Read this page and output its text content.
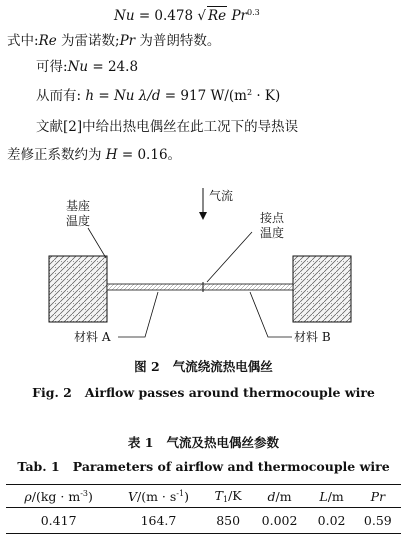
Nu = 0.478 √ Re $Pr^{0.3}$
式中:Re 为雷诺数;Pr 为普朗特数。
可得:Nu = 24.8
从而有: h = Nu λ/d = 917 $W/(m^2 \cdot K)$
文献[2]中给出热电偶丝在此工况下的导热误
差修正系数约为 H = 0.16。
基座
温度
气流
接点
温度
材料 A	材料 B
图 2 气流绕流热电偶丝
Fig. 2 Airflow passes around thermocouple wire
表 1 气流及热电偶丝参数
Tab. 1 Parameters of airflow and thermocouple wire
$\rho/(kg \cdot m^{-3})$	$V/(m \cdot s^{-1})$	$T_1/K$	d/m	L/m	Pr
0.417	164.7	850	0.002	0.02	0.59
